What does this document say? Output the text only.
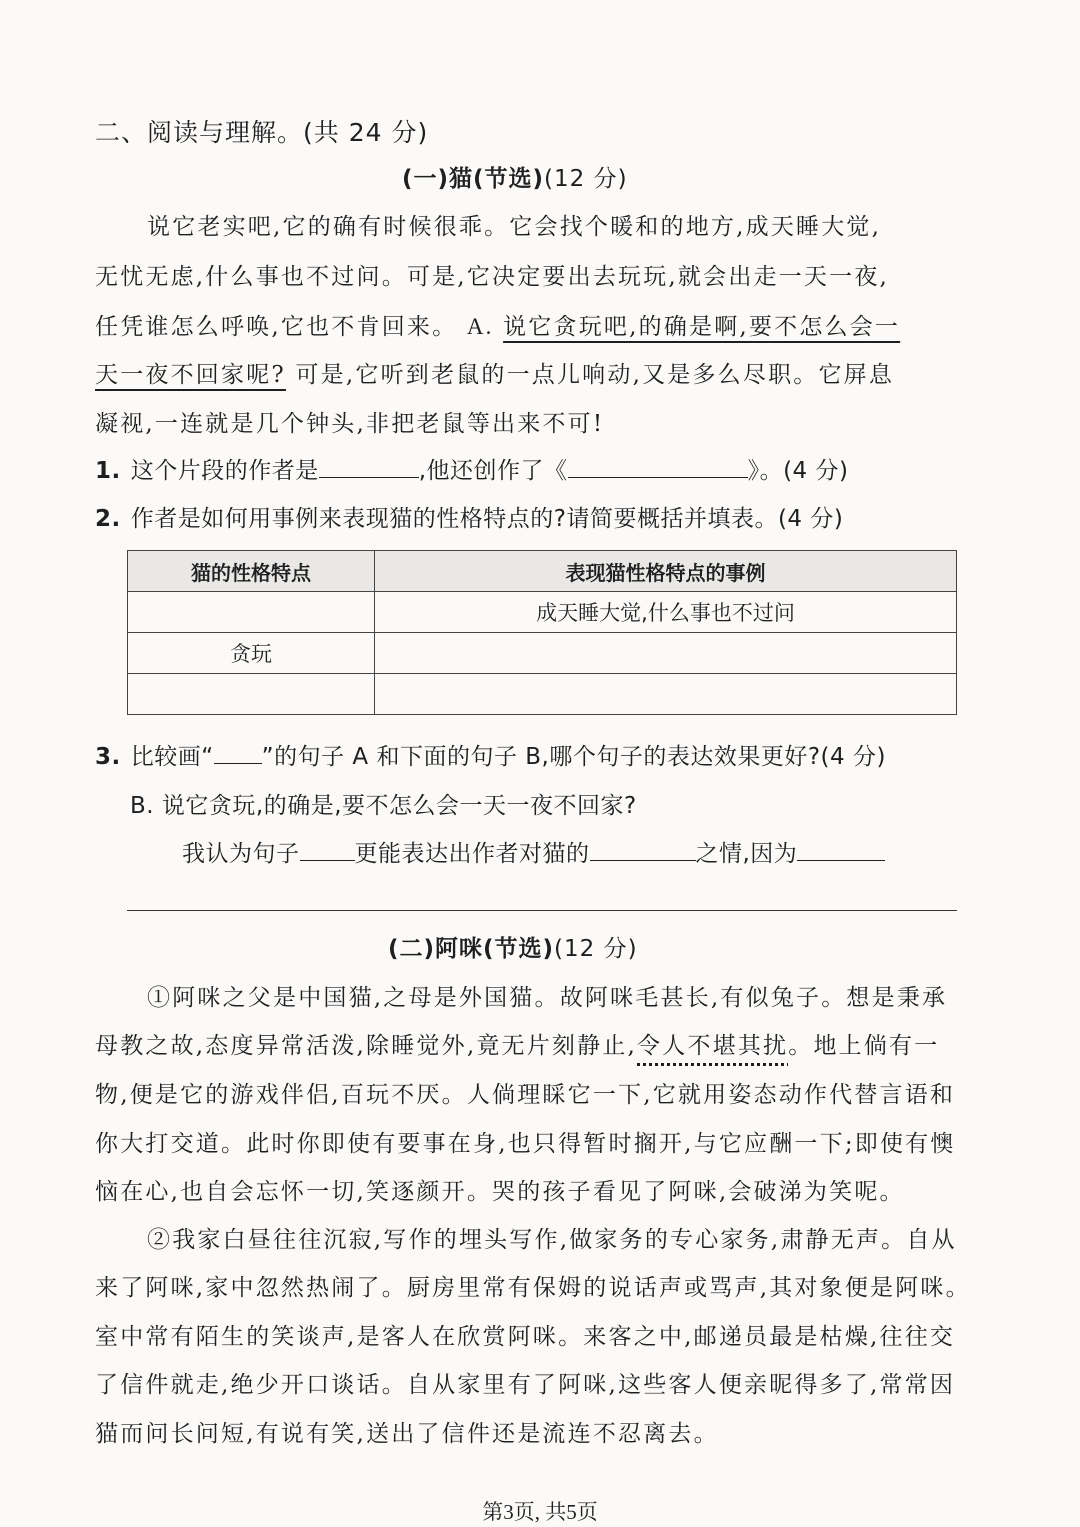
二、阅读与理解。(共 24 分)
(一)猫(节选)(12 分)
说它老实吧,它的确有时候很乖。它会找个暖和的地方,成天睡大觉,
无忧无虑,什么事也不过问。可是,它决定要出去玩玩,就会出走一天一夜,
任凭谁怎么呼唤,它也不肯回来。 A. 说它贪玩吧,的确是啊,要不怎么会一
天一夜不回家呢? 可是,它听到老鼠的一点儿响动,又是多么尽职。它屏息
凝视,一连就是几个钟头,非把老鼠等出来不可!
1. 这个片段的作者是	,他还创作了《	》。(4 分)
2. 作者是如何用事例来表现猫的性格特点的?请简要概括并填表。(4 分)
猫的性格特点	表现猫性格特点的事例
	成天睡大觉,什么事也不过问
贪玩	

3. 比较画“ ”的句子 A 和下面的句子 B,哪个句子的表达效果更好?(4 分)
B. 说它贪玩,的确是,要不怎么会一天一夜不回家?
我认为句子 更能表达出作者对猫的	之情,因为
(二)阿咪(节选)(12 分)
①阿咪之父是中国猫,之母是外国猫。故阿咪毛甚长,有似兔子。想是秉承
母教之故,态度异常活泼,除睡觉外,竟无片刻静止,令人不堪其扰。地上倘有一
物,便是它的游戏伴侣,百玩不厌。人倘理睬它一下,它就用姿态动作代替言语和
你大打交道。此时你即使有要事在身,也只得暂时搁开,与它应酬一下;即使有懊
恼在心,也自会忘怀一切,笑逐颜开。哭的孩子看见了阿咪,会破涕为笑呢。
②我家白昼往往沉寂,写作的埋头写作,做家务的专心家务,肃静无声。自从
来了阿咪,家中忽然热闹了。厨房里常有保姆的说话声或骂声,其对象便是阿咪。
室中常有陌生的笑谈声,是客人在欣赏阿咪。来客之中,邮递员最是枯燥,往往交
了信件就走,绝少开口谈话。自从家里有了阿咪,这些客人便亲昵得多了,常常因
猫而问长问短,有说有笑,送出了信件还是流连不忍离去。
第3页, 共5页
